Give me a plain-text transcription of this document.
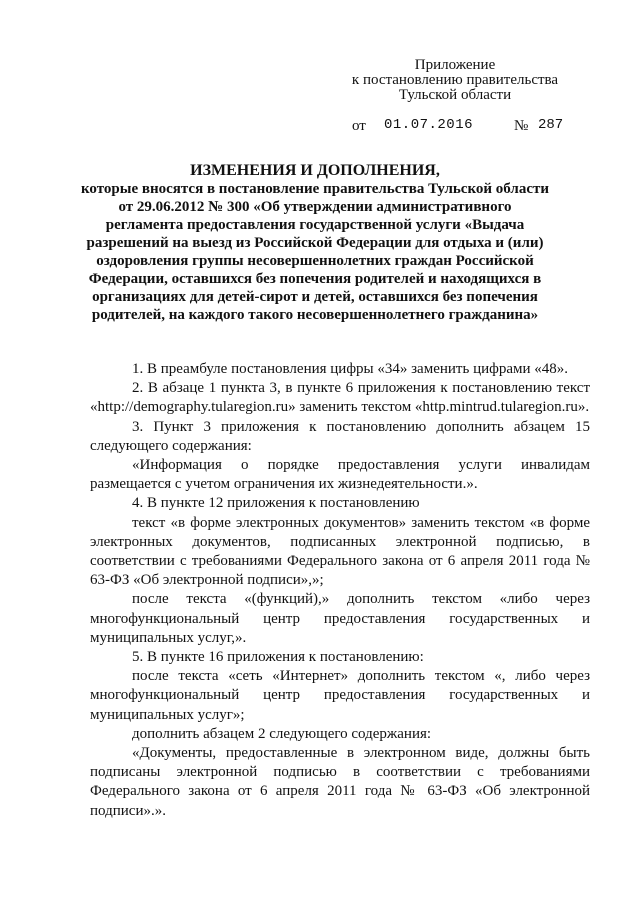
Приложение
к постановлению правительства
Тульской области
от 01.07.2016	№ 287
ИЗМЕНЕНИЯ И ДОПОЛНЕНИЯ,
которые вносятся в постановление правительства Тульской области от 29.06.2012 № 300 «Об утверждении административного регламента предоставления государственной услуги «Выдача разрешений на выезд из Российской Федерации для отдыха и (или) оздоровления группы несовершеннолетних граждан Российской Федерации, оставшихся без попечения родителей и находящихся в организациях для детей-сирот и детей, оставшихся без попечения родителей, на каждого такого несовершеннолетнего гражданина»

1. В преамбуле постановления цифры «34» заменить цифрами «48».

2. В абзаце 1 пункта 3, в пункте 6 приложения к постановлению текст «http://demography.tularegion.ru» заменить текстом «http.mintrud.tularegion.ru».

3. Пункт 3 приложения к постановлению дополнить абзацем 15 следующего содержания:

«Информация о порядке предоставления услуги инвалидам размещается с учетом ограничения их жизнедеятельности.».

4. В пункте 12 приложения к постановлению

текст «в форме электронных документов» заменить текстом «в форме электронных документов, подписанных электронной подписью, в соответствии с требованиями Федерального закона от 6 апреля 2011 года № 63-ФЗ «Об электронной подписи»,»;

после текста «(функций),» дополнить текстом «либо через многофункциональный центр предоставления государственных и муниципальных услуг,».

5. В пункте 16 приложения к постановлению:

после текста «сеть «Интернет» дополнить текстом «, либо через многофункциональный центр предоставления государственных и муниципальных услуг»;

дополнить абзацем 2 следующего содержания:

«Документы, предоставленные в электронном виде, должны быть подписаны электронной подписью в соответствии с требованиями Федерального закона от 6 апреля 2011 года № 63-ФЗ «Об электронной подписи».».
